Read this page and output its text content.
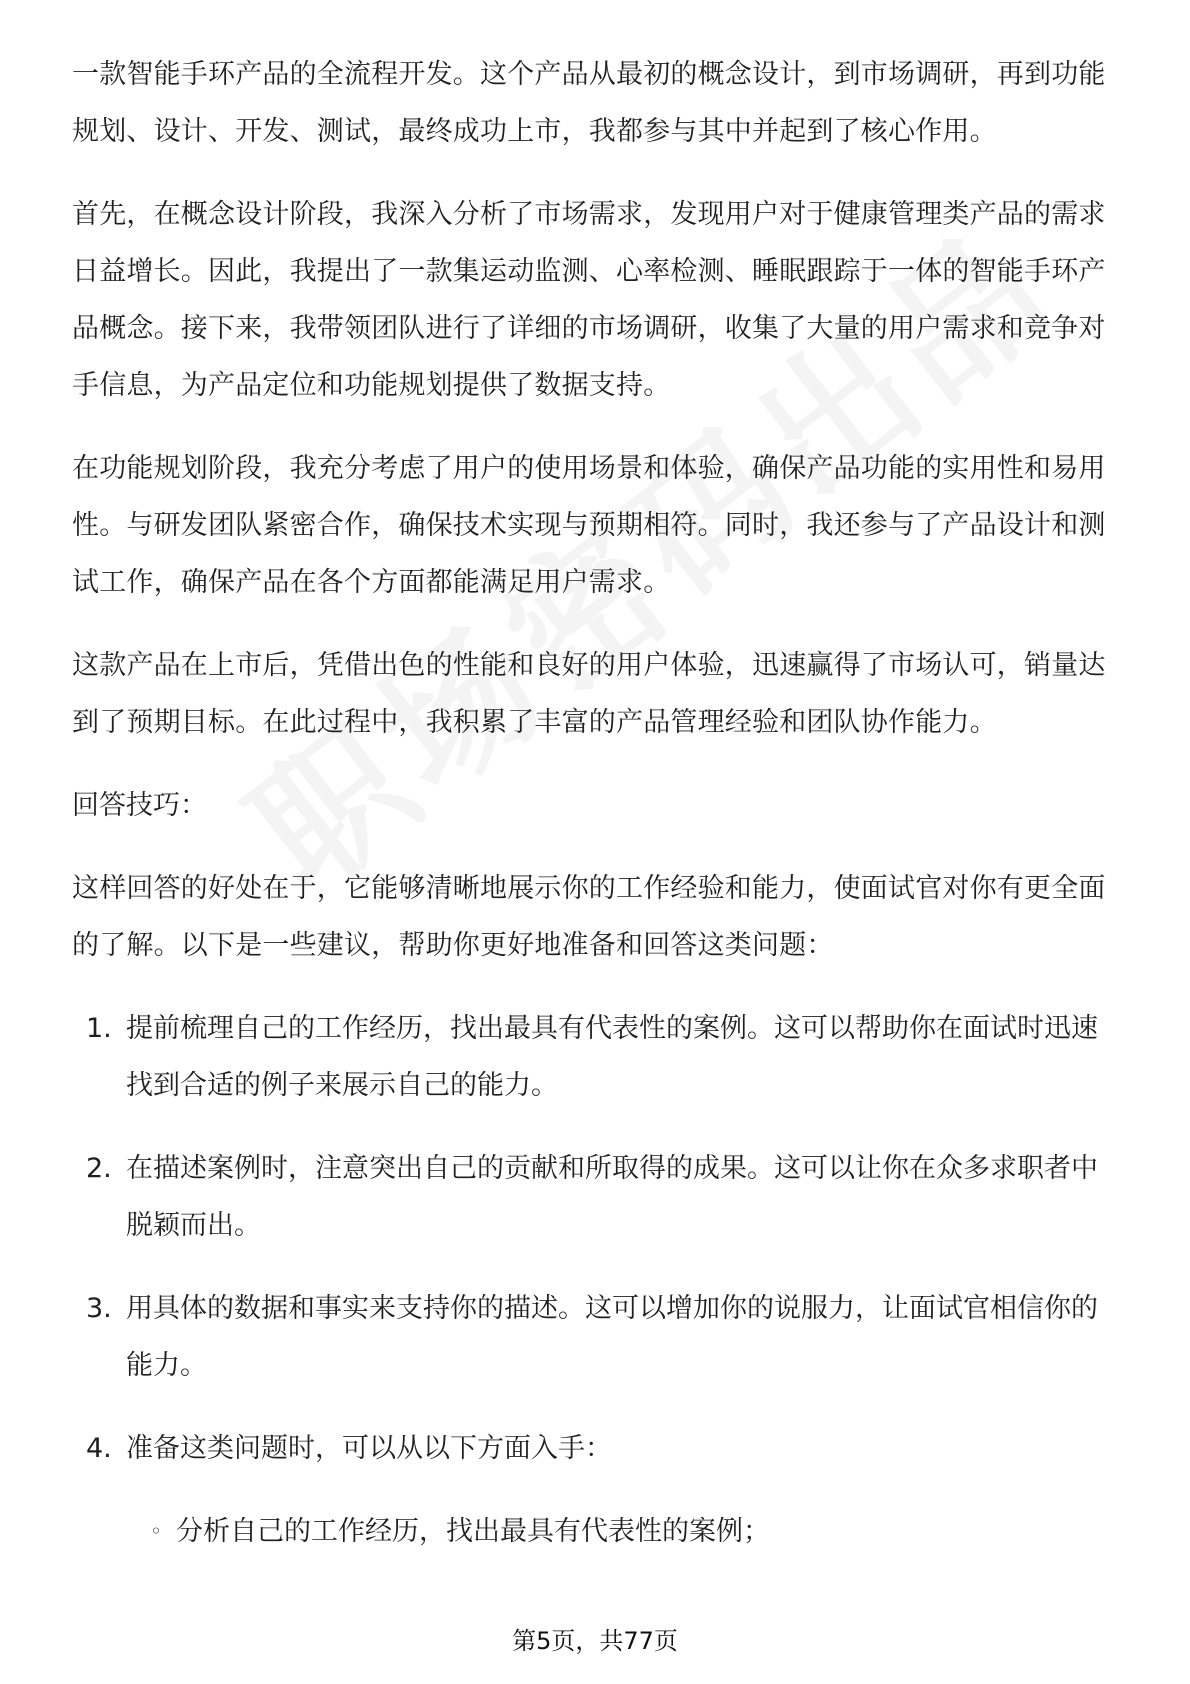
一款智能手环产品的全流程开发。这个产品从最初的概念设计，到市场调研，再到功能规划、设计、开发、测试，最终成功上市，我都参与其中并起到了核心作用。

首先，在概念设计阶段，我深入分析了市场需求，发现用户对于健康管理类产品的需求日益增长。因此，我提出了一款集运动监测、心率检测、睡眠跟踪于一体的智能手环产品概念。接下来，我带领团队进行了详细的市场调研，收集了大量的用户需求和竞争对手信息，为产品定位和功能规划提供了数据支持。

在功能规划阶段，我充分考虑了用户的使用场景和体验，确保产品功能的实用性和易用性。与研发团队紧密合作，确保技术实现与预期相符。同时，我还参与了产品设计和测试工作，确保产品在各个方面都能满足用户需求。

这款产品在上市后，凭借出色的性能和良好的用户体验，迅速赢得了市场认可，销量达到了预期目标。在此过程中，我积累了丰富的产品管理经验和团队协作能力。

回答技巧：

这样回答的好处在于，它能够清晰地展示你的工作经验和能力，使面试官对你有更全面的了解。以下是一些建议，帮助你更好地准备和回答这类问题：

1. 提前梳理自己的工作经历，找出最具有代表性的案例。这可以帮助你在面试时迅速找到合适的例子来展示自己的能力。
2. 在描述案例时，注意突出自己的贡献和所取得的成果。这可以让你在众多求职者中脱颖而出。
3. 用具体的数据和事实来支持你的描述。这可以增加你的说服力，让面试官相信你的能力。
4. 准备这类问题时，可以从以下方面入手：
◦ 分析自己的工作经历，找出最具有代表性的案例；
第5页，共77页
